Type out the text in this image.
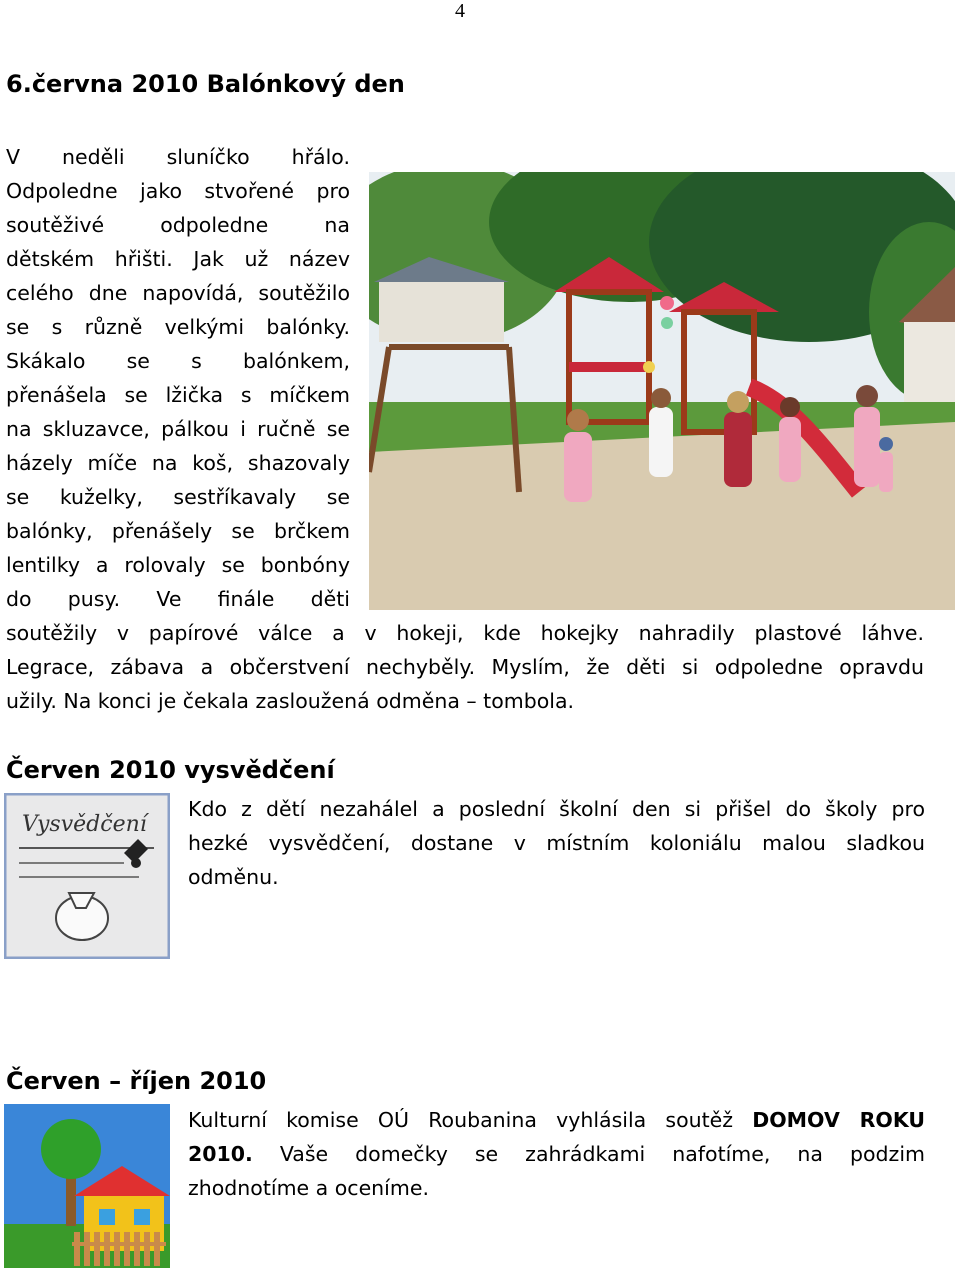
4
6.června 2010 Balónkový den

V neděli sluníčko hřálo.

Odpoledne jako stvořené pro

soutěživé odpoledne na

dětském hřišti. Jak už název

celého dne napovídá, soutěžilo

se s různě velkými balónky.

Skákalo se s balónkem,

přenášela se lžička s míčkem

na skluzavce, pálkou i ručně se

házely míče na koš, shazovaly

se kuželky, sestříkavaly se

balónky, přenášely se brčkem

lentilky a rolovaly se bonbóny

do pusy. Ve finále děti

soutěžily v papírové válce a v hokeji, kde hokejky nahradily plastové láhve.

Legrace, zábava a občerstvení nechyběly. Myslím, že děti si odpoledne opravdu

užily. Na konci je čekala zasloužená odměna – tombola.

Červen 2010 vysvědčení
Vysvědčení

Kdo z dětí nezahálel a poslední školní den si přišel do školy pro

hezké vysvědčení, dostane v místním koloniálu malou sladkou

odměnu.

Červen – říjen 2010

Kulturní komise OÚ Roubanina vyhlásila soutěž DOMOV ROKU

2010. Vaše domečky se zahrádkami nafotíme, na podzim

zhodnotíme a oceníme.
